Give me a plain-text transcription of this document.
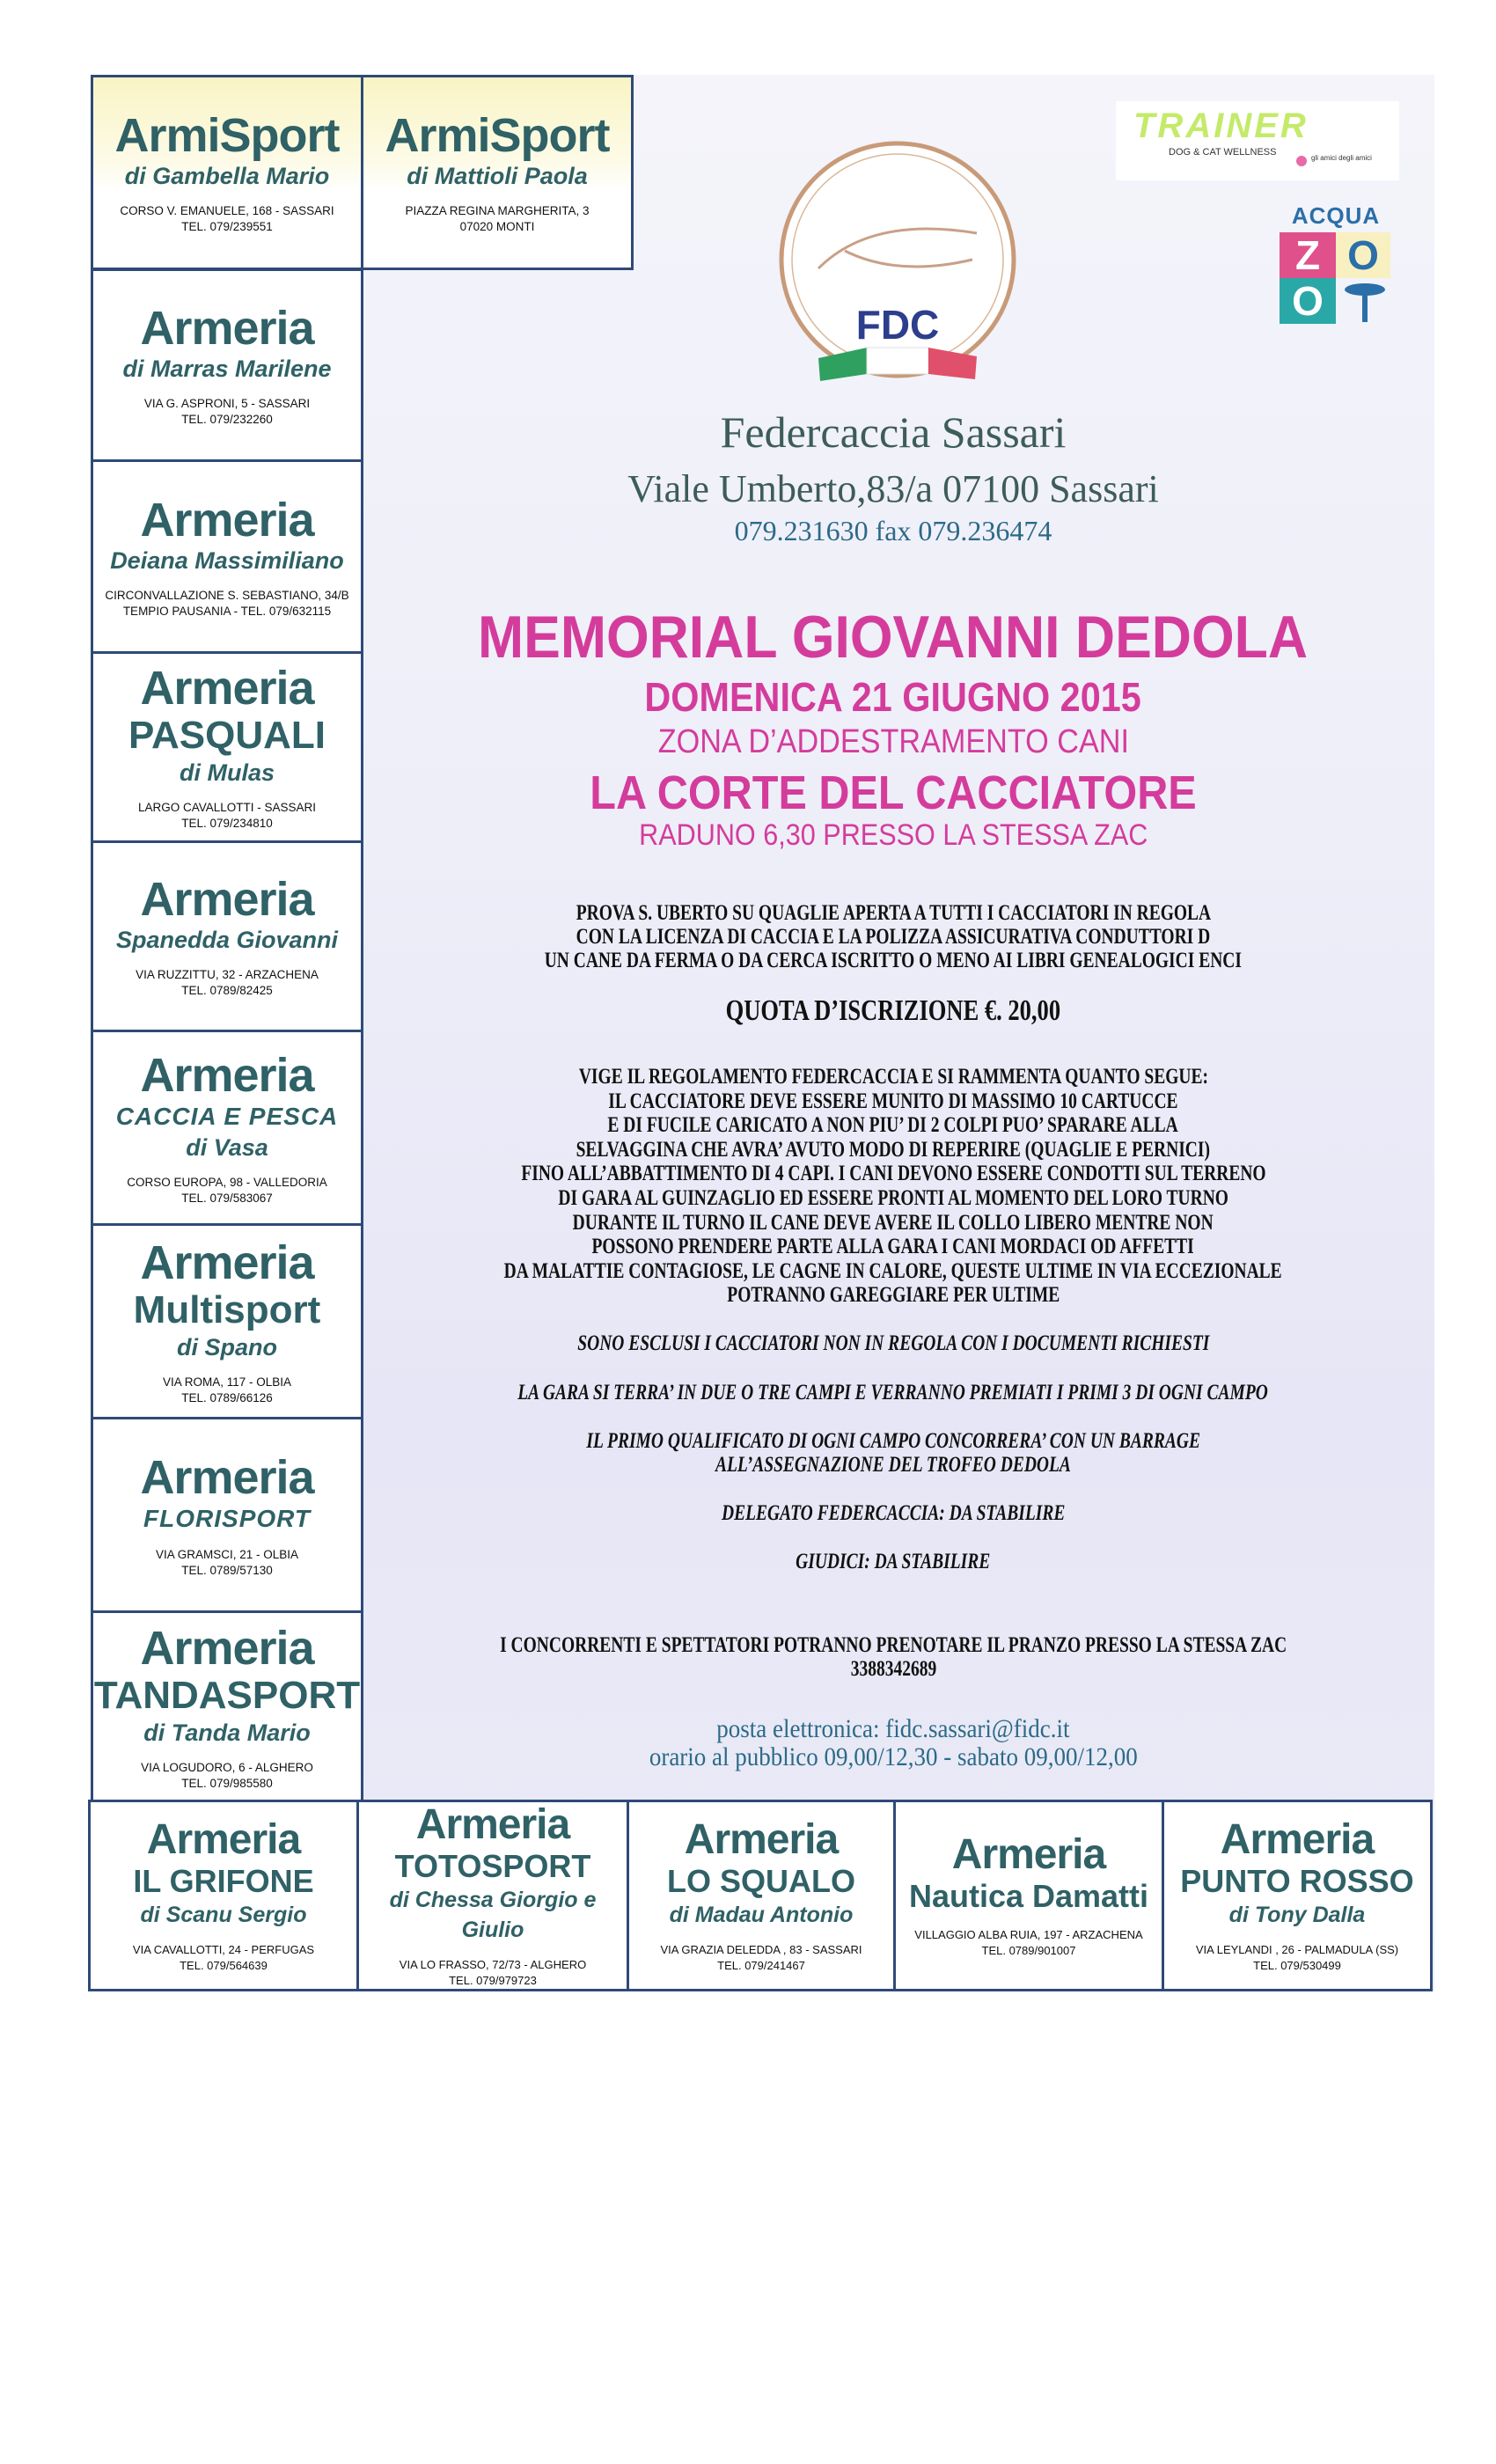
ArmiSport
di Gambella Mario
CORSO V. EMANUELE, 168 - SASSARI
TEL. 079/239551
ArmiSport
di Mattioli Paola
PIAZZA REGINA MARGHERITA, 3
07020 MONTI
Armeria
di Marras Marilene
VIA G. ASPRONI, 5 - SASSARI
TEL. 079/232260
Armeria
Deiana Massimiliano
CIRCONVALLAZIONE S. SEBASTIANO, 34/B
TEMPIO PAUSANIA - TEL. 079/632115
Armeria
PASQUALI
di Mulas
LARGO CAVALLOTTI - SASSARI
TEL. 079/234810
Armeria
Spanedda Giovanni
VIA RUZZITTU, 32 - ARZACHENA
TEL. 0789/82425
Armeria
CACCIA E PESCA
di Vasa
CORSO EUROPA, 98 - VALLEDORIA
TEL. 079/583067
Armeria
Multisport
di Spano
VIA ROMA, 117 - OLBIA
TEL. 0789/66126
Armeria
FLORISPORT
VIA GRAMSCI, 21 - OLBIA
TEL. 0789/57130
Armeria
TANDASPORT
di Tanda Mario
VIA LOGUDORO, 6 - ALGHERO
TEL. 079/985580
Armeria
IL GRIFONE
di Scanu Sergio
VIA CAVALLOTTI, 24 - PERFUGAS
TEL. 079/564639
Armeria
TOTOSPORT
di Chessa Giorgio e Giulio
VIA LO FRASSO, 72/73 - ALGHERO
TEL. 079/979723
Armeria
LO SQUALO
di Madau Antonio
VIA GRAZIA DELEDDA , 83 - SASSARI
TEL. 079/241467
Armeria
Nautica Damatti
VILLAGGIO ALBA RUIA, 197 - ARZACHENA
TEL. 0789/901007
Armeria
PUNTO ROSSO
di Tony Dalla
VIA LEYLANDI , 26 - PALMADULA (SS)
TEL. 079/530499
FDC
TRAINER
DOG & CAT WELLNESS
gli amici degli amici
ACQUA
Z O
O
Federcaccia Sassari
Viale Umberto,83/a 07100 Sassari
079.231630 fax 079.236474
MEMORIAL GIOVANNI DEDOLA
DOMENICA 21 GIUGNO 2015
ZONA D’ADDESTRAMENTO CANI
LA CORTE DEL CACCIATORE
RADUNO 6,30 PRESSO LA STESSA ZAC
QUOTA D’ISCRIZIONE €. 20,00
I CONCORRENTI E SPETTATORI POTRANNO PRENOTARE IL PRANZO PRESSO LA STESSA ZAC
3388342689
posta elettronica: fidc.sassari@fidc.it
orario al pubblico 09,00/12,30 - sabato 09,00/12,00
PROVA S. UBERTO SU QUAGLIE APERTA A TUTTI I CACCIATORI IN REGOLA
CON LA LICENZA DI CACCIA E LA POLIZZA ASSICURATIVA CONDUTTORI D
UN CANE DA FERMA O DA CERCA ISCRITTO O MENO AI LIBRI GENEALOGICI ENCI
VIGE IL REGOLAMENTO FEDERCACCIA E SI RAMMENTA QUANTO SEGUE:
IL CACCIATORE DEVE ESSERE MUNITO DI MASSIMO 10 CARTUCCE
E DI FUCILE CARICATO A NON PIU’ DI 2 COLPI PUO’ SPARARE ALLA
SELVAGGINA CHE AVRA’ AVUTO MODO DI REPERIRE (QUAGLIE E PERNICI)
FINO ALL’ABBATTIMENTO DI 4 CAPI. I CANI DEVONO ESSERE CONDOTTI SUL TERRENO
DI GARA AL GUINZAGLIO ED ESSERE PRONTI AL MOMENTO DEL LORO TURNO
DURANTE IL TURNO IL CANE DEVE AVERE IL COLLO LIBERO MENTRE NON
POSSONO PRENDERE PARTE ALLA GARA I CANI MORDACI OD AFFETTI
DA MALATTIE CONTAGIOSE, LE CAGNE IN CALORE, QUESTE ULTIME IN VIA ECCEZIONALE
POTRANNO GAREGGIARE PER ULTIME
SONO ESCLUSI I CACCIATORI NON IN REGOLA CON I DOCUMENTI RICHIESTI
LA GARA SI TERRA’ IN DUE O TRE CAMPI E VERRANNO PREMIATI I PRIMI 3 DI OGNI CAMPO
IL PRIMO QUALIFICATO DI OGNI CAMPO CONCORRERA’ CON UN BARRAGE
ALL’ASSEGNAZIONE DEL TROFEO DEDOLA
DELEGATO FEDERCACCIA: DA STABILIRE
GIUDICI: DA STABILIRE
